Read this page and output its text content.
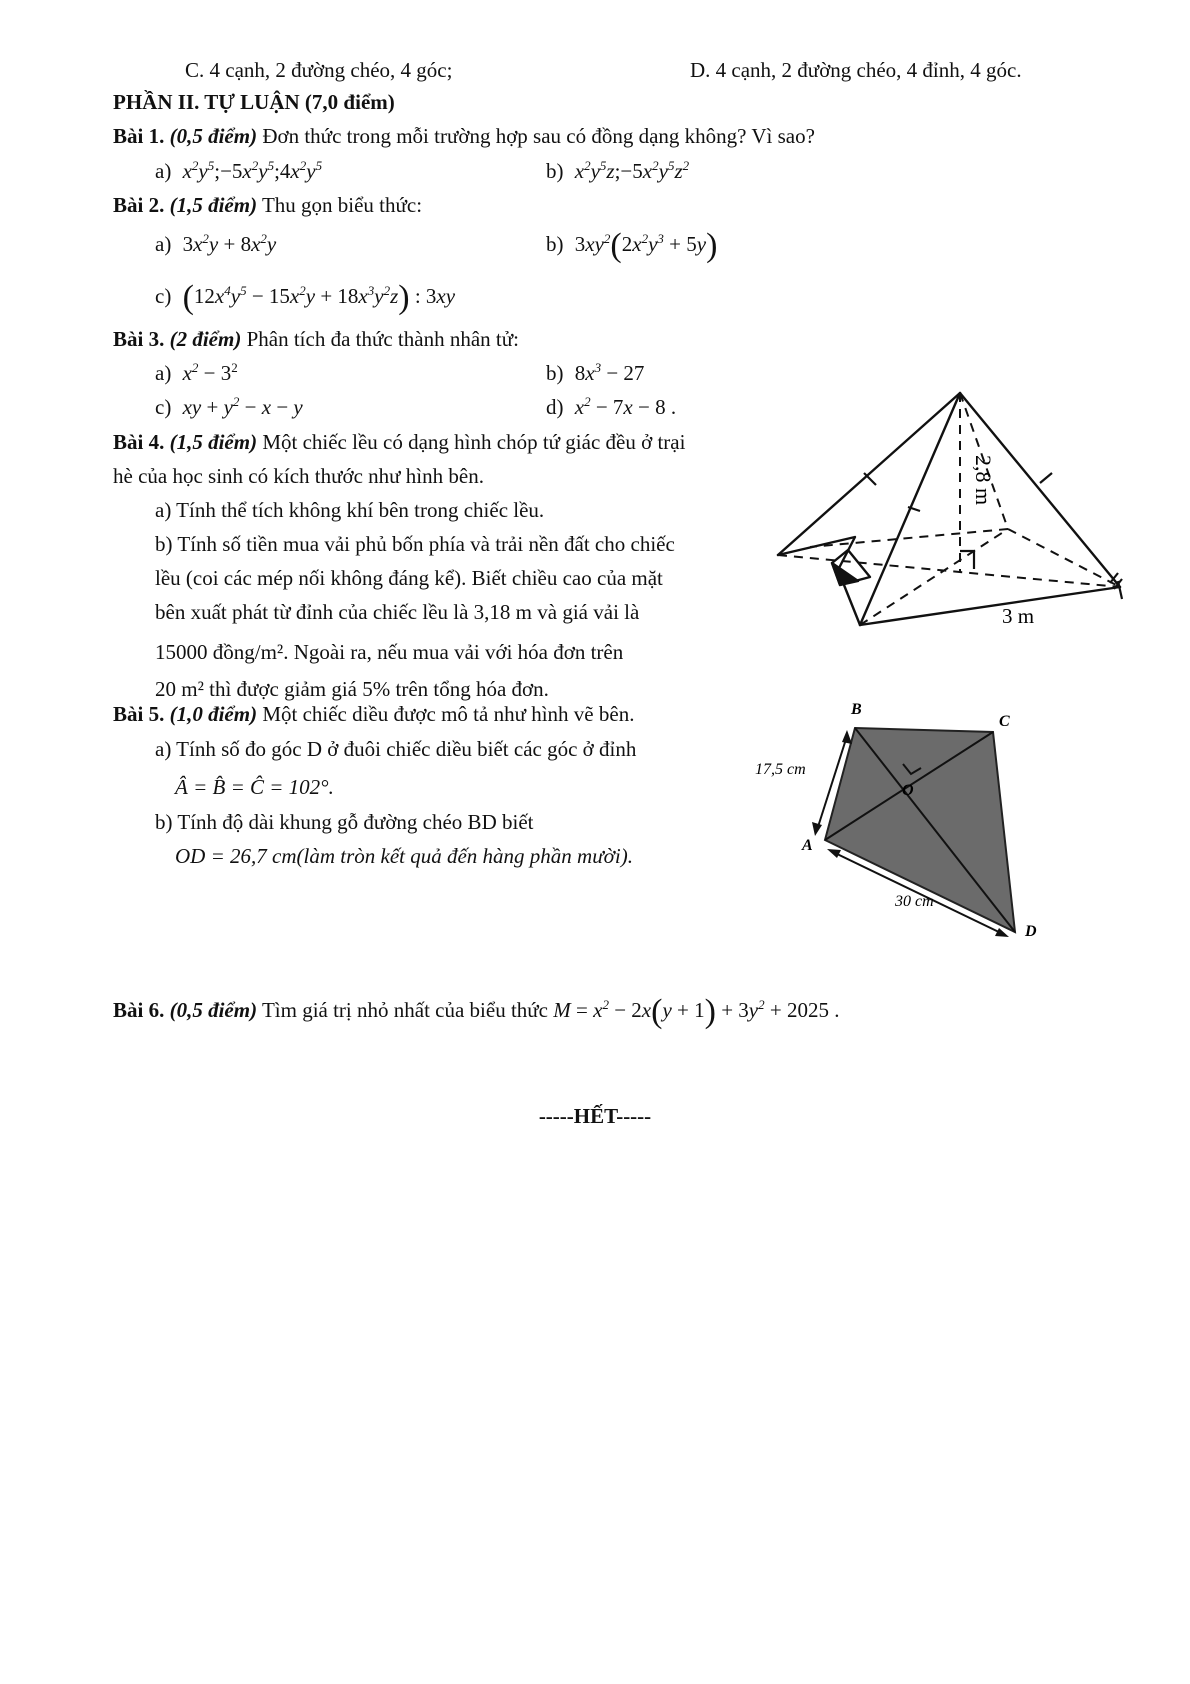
C. 4 cạnh, 2 đường chéo, 4 góc;	D. 4 cạnh, 2 đường chéo, 4 đỉnh, 4 góc.
PHẦN II. TỰ LUẬN (7,0 điểm)
Bài 1. (0,5 điểm) Đơn thức trong mỗi trường hợp sau có đồng dạng không? Vì sao?
a) $x^2y^5;-5x^2y^5;4x^2y^5$	b) $x^2y^5z;-5x^2y^5z^2$
Bài 2. (1,5 điểm) Thu gọn biểu thức:
a) $3x^2y + 8x^2y$	b) $3xy^2(2x^2y^3 + 5y)$
c) $(12x^4y^5 - 15x^2y + 18x^3y^2z)$ : 3xy
Bài 3. (2 điểm) Phân tích đa thức thành nhân tử:
a) $x^2 - 3^2$	b) $8x^3 - 27$
c) xy + $y^2 - x - y$	d) $x^2 - 7x - 8$ .
Bài 4. (1,5 điểm) Một chiếc lều có dạng hình chóp tứ giác đều ở trại
hè của học sinh có kích thước như hình bên.
a) Tính thể tích không khí bên trong chiếc lều.
b) Tính số tiền mua vải phủ bốn phía và trải nền đất cho chiếc
lều (coi các mép nối không đáng kể). Biết chiều cao của mặt
bên xuất phát từ đỉnh của chiếc lều là 3,18 m và giá vải là
15000 đồng/m². Ngoài ra, nếu mua vải với hóa đơn trên
20 m² thì được giảm giá 5% trên tổng hóa đơn.
2,8 m
3 m
Bài 5. (1,0 điểm) Một chiếc diều được mô tả như hình vẽ bên.
a) Tính số đo góc D ở đuôi chiếc diều biết các góc ở đỉnh
Â = B̂ = Ĉ = 102°.
b) Tính độ dài khung gỗ đường chéo BD biết
OD = 26,7 cm(làm tròn kết quả đến hàng phần mười).
B
C
O
A
D
17,5 cm
30 cm
Bài 6. (0,5 điểm) Tìm giá trị nhỏ nhất của biểu thức $M = x^2 - 2x(y + 1) + 3y^2 + 2025$ .
-----HẾT-----
